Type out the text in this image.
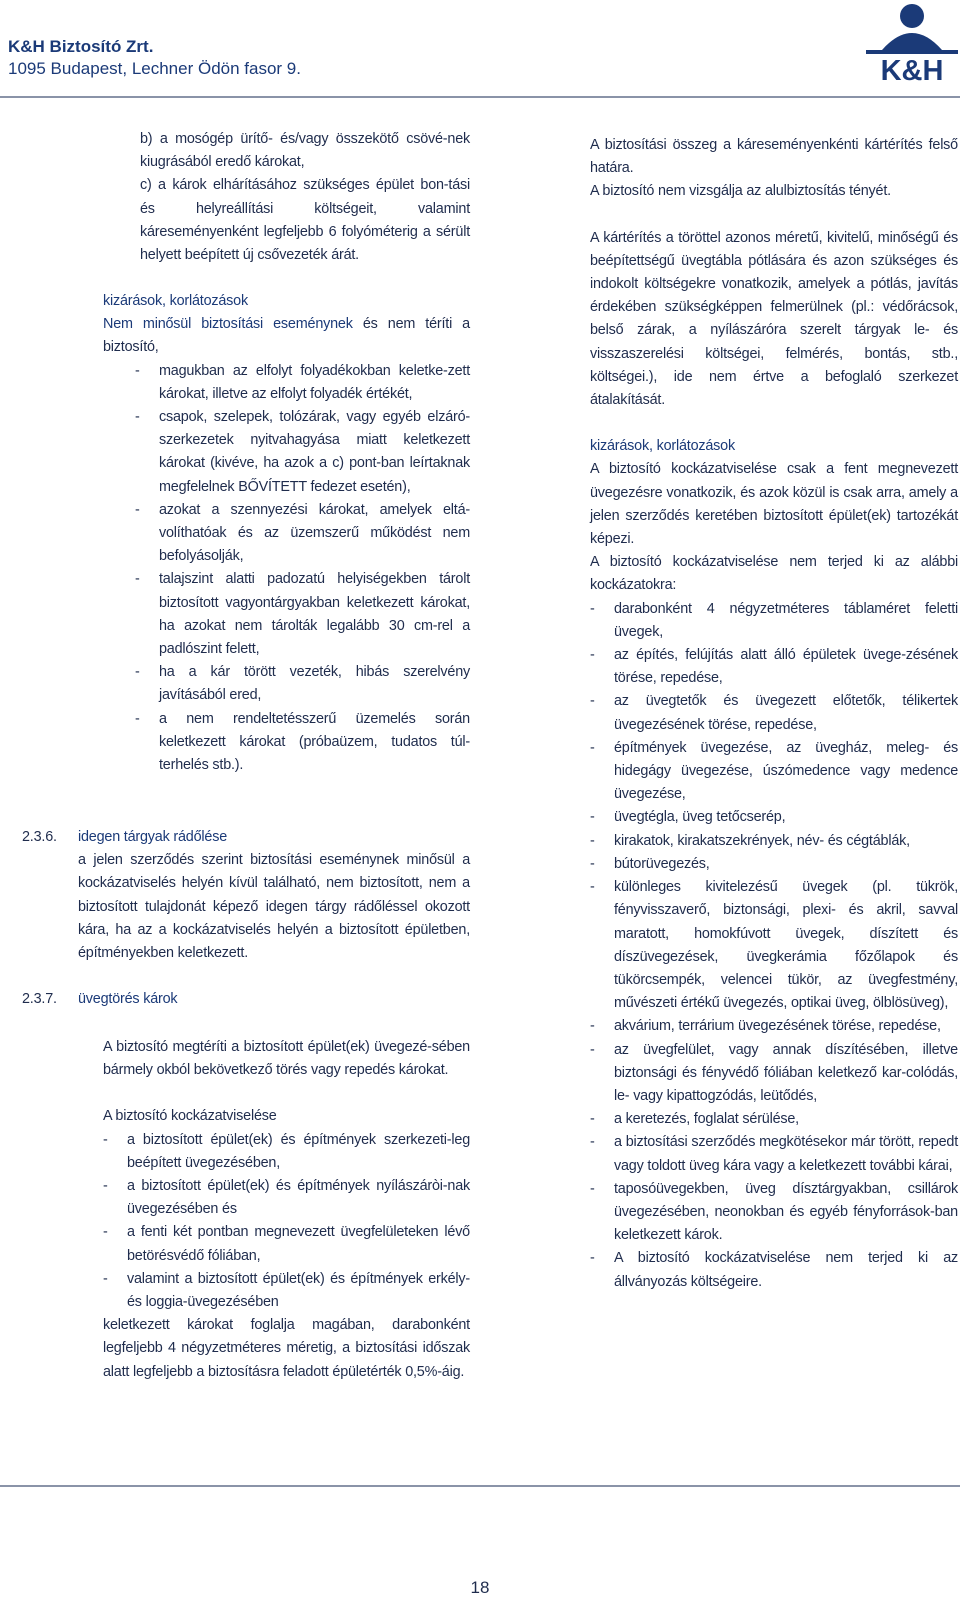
K&H Biztosító Zrt.
1095 Budapest, Lechner Ödön fasor 9.	K&H

b) a mosógép ürítő- és/vagy összekötő csövé-nek kiugrásából eredő károkat,

c) a károk elhárításához szükséges épület bon-tási és helyreállítási költségeit, valamint káreseményenként legfeljebb 6 folyóméterig a sérült helyett beépített új csővezeték árát.

kizárások, korlátozások

Nem minősül biztosítási eseménynek és nem téríti a biztosító,

- magukban az elfolyt folyadékokban keletke-zett károkat, illetve az elfolyt folyadék értékét,

- csapok, szelepek, tolózárak, vagy egyéb elzáró-szerkezetek nyitvahagyása miatt keletkezett károkat (kivéve, ha azok a c) pont-ban leírtaknak megfelelnek BŐVÍTETT fedezet esetén),

- azokat a szennyezési károkat, amelyek eltá-volíthatóak és az üzemszerű működést nem befolyásolják,

- talajszint alatti padozatú helyiségekben tárolt biztosított vagyontárgyakban keletkezett károkat, ha azokat nem tárolták legalább 30 cm-rel a padlószint felett,

- ha a kár törött vezeték, hibás szerelvény javításából ered,

- a nem rendeltetésszerű üzemelés során keletkezett károkat (próbaüzem, tudatos túl-terhelés stb.).

2.3.6. idegen tárgyak rádőlése

a jelen szerződés szerint biztosítási eseménynek minősül a kockázatviselés helyén kívül található, nem biztosított, nem a biztosított tulajdonát képező idegen tárgy rádőléssel okozott kára, ha az a kockázatviselés helyén a biztosított épületben, építményekben keletkezett.

2.3.7. üvegtörés károk

A biztosító megtéríti a biztosított épület(ek) üvegezé-sében bármely okból bekövetkező törés vagy repedés károkat.

A biztosító kockázatviselése

- a biztosított épület(ek) és építmények szerkezeti-leg beépített üvegezésében,

- a biztosított épület(ek) és építmények nyílászáròi-nak üvegezésében és

- a fenti két pontban megnevezett üvegfelületeken lévő betörésvédő fóliában,

- valamint a biztosított épület(ek) és építmények erkély- és loggia-üvegezésében

keletkezett károkat foglalja magában, darabonként legfeljebb 4 négyzetméteres méretig, a biztosítási időszak alatt legfeljebb a biztosításra feladott épületérték 0,5%-áig.

A biztosítási összeg a káreseményenkénti kártérítés felső határa.

A biztosító nem vizsgálja az alulbiztosítás tényét.

A kártérítés a töröttel azonos méretű, kivitelű, minőségű és beépítettségű üvegtábla pótlására és azon szükséges és indokolt költségekre vonatkozik, amelyek a pótlás, javítás érdekében szükségképpen felmerülnek (pl.: védőrácsok, belső zárak, a nyílászáróra szerelt tárgyak le- és visszaszerelési költségei, felmérés, bontás, stb., költségei.), ide nem értve a befoglaló szerkezet átalakítását.

kizárások, korlátozások

A biztosító kockázatviselése csak a fent megnevezett üvegezésre vonatkozik, és azok közül is csak arra, amely a jelen szerződés keretében biztosított épület(ek) tartozékát képezi.

A biztosító kockázatviselése nem terjed ki az alábbi kockázatokra:

- darabonként 4 négyzetméteres táblaméret feletti üvegek,

- az építés, felújítás alatt álló épületek üvege-zésének törése, repedése,

- az üvegtetők és üvegezett előtetők, télikertek üvegezésének törése, repedése,

- építmények üvegezése, az üvegház, meleg- és hidegágy üvegezése, úszómedence vagy medence üvegezése,

- üvegtégla, üveg tetőcserép,

- kirakatok, kirakatszekrények, név- és cégtáblák,

- bútorüvegezés,

- különleges kivitelezésű üvegek (pl. tükrök, fényvisszaverő, biztonsági, plexi- és akril, savval maratott, homokfúvott üvegek, díszített és díszüvegezések, üvegkerámia főzőlapok és tükörcsempék, velencei tükör, az üvegfestmény, művészeti értékű üvegezés, optikai üveg, ölblösüveg),

- akvárium, terrárium üvegezésének törése, repedése,

- az üvegfelület, vagy annak díszítésében, illetve biztonsági és fényvédő fóliában keletkező kar-colódás, le- vagy kipattogzódás, leütődés,

- a keretezés, foglalat sérülése,

- a biztosítási szerződés megkötésekor már törött, repedt vagy toldott üveg kára vagy a keletkezett további kárai,

- taposóüvegekben, üveg dísztárgyakban, csillárok üvegezésében, neonokban és egyéb fényforrások-ban keletkezett károk.

- A biztosító kockázatviselése nem terjed ki az állványozás költségeire.

18
